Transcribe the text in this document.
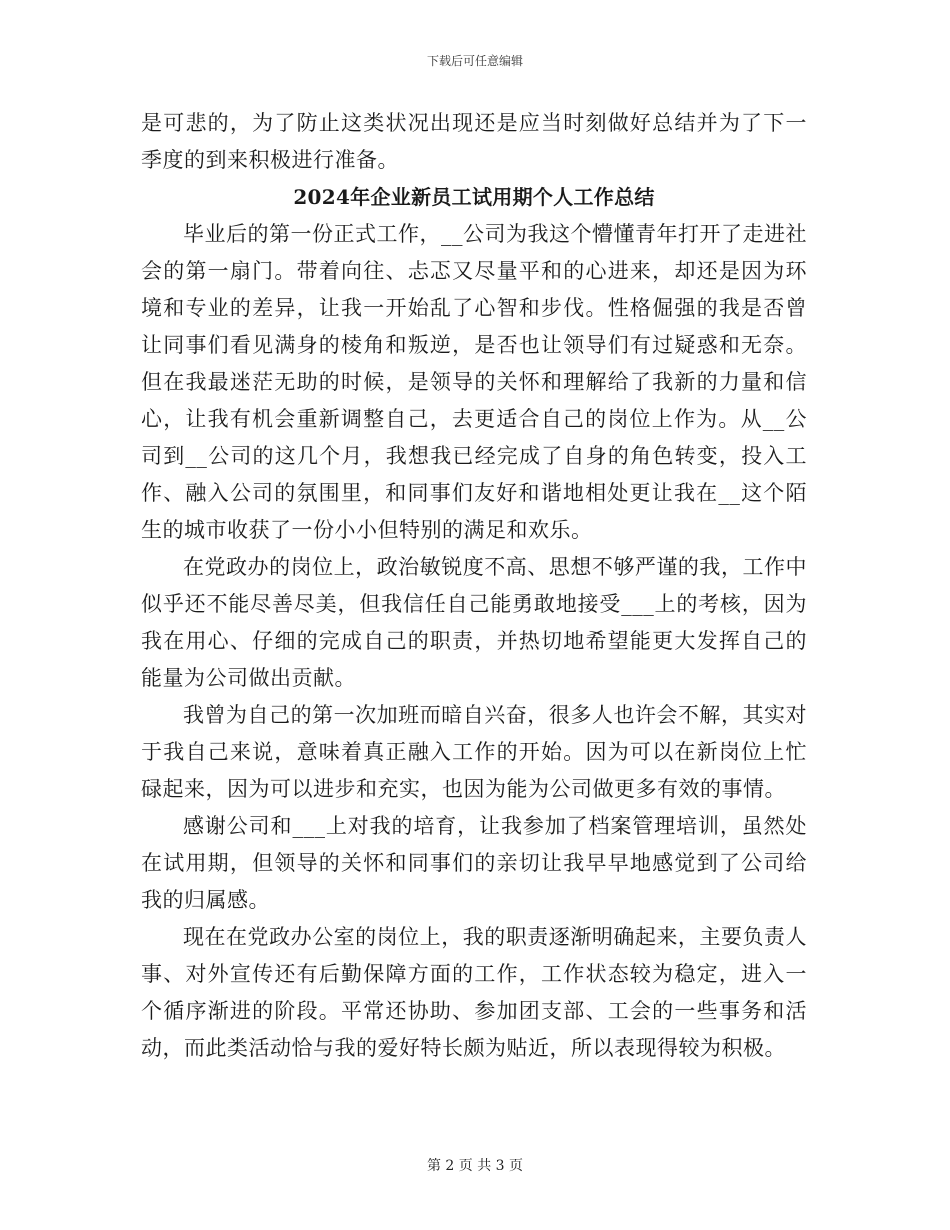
下载后可任意编辑

是可悲的，为了防止这类状况出现还是应当时刻做好总结并为了下一季度的到来积极进行准备。

2024年企业新员工试用期个人工作总结

毕业后的第一份正式工作，__公司为我这个懵懂青年打开了走进社会的第一扇门。带着向往、忐忑又尽量平和的心进来，却还是因为环境和专业的差异，让我一开始乱了心智和步伐。性格倔强的我是否曾让同事们看见满身的棱角和叛逆，是否也让领导们有过疑惑和无奈。但在我最迷茫无助的时候，是领导的关怀和理解给了我新的力量和信心，让我有机会重新调整自己，去更适合自己的岗位上作为。从__公司到__公司的这几个月，我想我已经完成了自身的角色转变，投入工作、融入公司的氛围里，和同事们友好和谐地相处更让我在__这个陌生的城市收获了一份小小但特别的满足和欢乐。

在党政办的岗位上，政治敏锐度不高、思想不够严谨的我，工作中似乎还不能尽善尽美，但我信任自己能勇敢地接受___上的考核，因为我在用心、仔细的完成自己的职责，并热切地希望能更大发挥自己的能量为公司做出贡献。

我曾为自己的第一次加班而暗自兴奋，很多人也许会不解，其实对于我自己来说，意味着真正融入工作的开始。因为可以在新岗位上忙碌起来，因为可以进步和充实，也因为能为公司做更多有效的事情。

感谢公司和___上对我的培育，让我参加了档案管理培训，虽然处在试用期，但领导的关怀和同事们的亲切让我早早地感觉到了公司给我的归属感。

现在在党政办公室的岗位上，我的职责逐渐明确起来，主要负责人事、对外宣传还有后勤保障方面的工作，工作状态较为稳定，进入一个循序渐进的阶段。平常还协助、参加团支部、工会的一些事务和活动，而此类活动恰与我的爱好特长颇为贴近，所以表现得较为积极。

第 2 页 共 3 页
